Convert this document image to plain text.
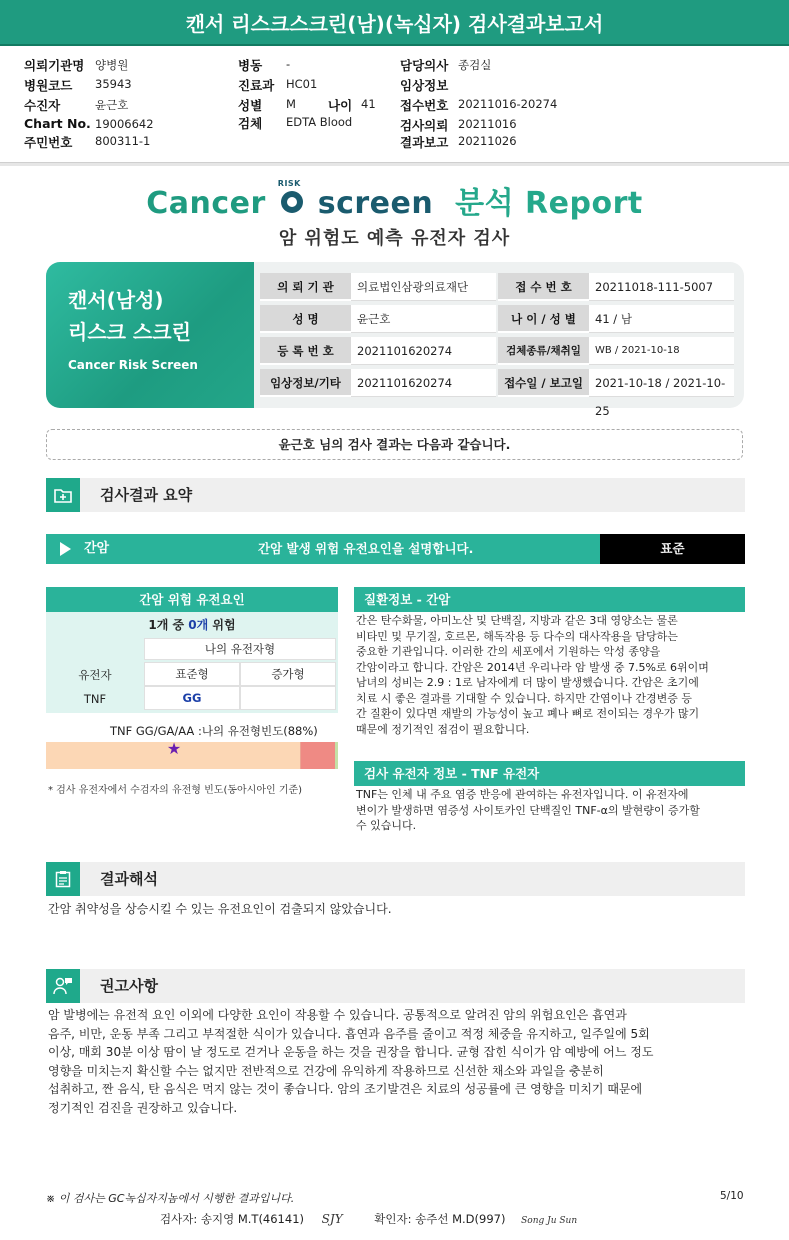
캔서 리스크스크린(남)(녹십자) 검사결과보고서
의뢰기관명 양병원
병원코드 35943
수진자	윤근호
Chart No. 19006642
주민번호 800311-1
병동 -
진료과 HC01
성별 M	나이 41
검체 EDTA Blood
담당의사 종검실
임상정보
접수번호 20211016-20274
검사의뢰 20211016
결과보고 20211026
Cancer
RISK
screen 분석 Report
암 위험도 예측 유전자 검사
캔서(남성)
리스크 스크린
Cancer Risk Screen
의 뢰 기 관	의료법인삼광의료재단	접 수 번 호	20211018-111-5007
성 명	윤근호	나 이 / 성 별	41 / 남
등 록 번 호	2021101620274	검체종류/채취일	WB / 2021-10-18
임상정보/기타	2021101620274	접수일 / 보고일	2021-10-18 / 2021-10-25
윤근호 님의 검사 결과는 다음과 같습니다.
검사결과 요약
간암	간암 발생 위험 유전요인을 설명합니다.	표준
간암 위험 유전요인
1개 중 0개 위험
나의 유전자형
유전자	표준형	증가형
TNF	GG
TNF GG/GA/AA :나의 유전형빈도(88%)
★
* 검사 유전자에서 수검자의 유전형 빈도(동아시아인 기준)
질환정보 - 간암
간은 탄수화물, 아미노산 및 단백질, 지방과 같은 3대 영양소는 물론
비타민 및 무기질, 호르몬, 해독작용 등 다수의 대사작용을 담당하는
중요한 기관입니다. 이러한 간의 세포에서 기원하는 악성 종양을
간암이라고 합니다. 간암은 2014년 우리나라 암 발생 중 7.5%로 6위이며
남녀의 성비는 2.9 : 1로 남자에게 더 많이 발생했습니다. 간암은 초기에
치료 시 좋은 결과를 기대할 수 있습니다. 하지만 간염이나 간경변증 등
간 질환이 있다면 재발의 가능성이 높고 폐나 뼈로 전이되는 경우가 많기
때문에 정기적인 점검이 필요합니다.
검사 유전자 정보 - TNF 유전자
TNF는 인체 내 주요 염증 반응에 관여하는 유전자입니다. 이 유전자에
변이가 발생하면 염증성 사이토카인 단백질인 TNF-α의 발현량이 증가할
수 있습니다.
결과해석
간암 취약성을 상승시킬 수 있는 유전요인이 검출되지 않았습니다.
권고사항
암 발병에는 유전적 요인 이외에 다양한 요인이 작용할 수 있습니다. 공통적으로 알려진 암의 위험요인은 흡연과
음주, 비만, 운동 부족 그리고 부적절한 식이가 있습니다. 흡연과 음주를 줄이고 적정 체중을 유지하고, 일주일에 5회
이상, 매회 30분 이상 땀이 날 정도로 걷거나 운동을 하는 것을 권장을 합니다. 균형 잡힌 식이가 암 예방에 어느 정도
영향을 미치는지 확신할 수는 없지만 전반적으로 건강에 유익하게 작용하므로 신선한 채소와 과일을 충분히
섭취하고, 짠 음식, 탄 음식은 먹지 않는 것이 좋습니다. 암의 조기발견은 치료의 성공률에 큰 영향을 미치기 때문에
정기적인 검진을 권장하고 있습니다.
※ 이 검사는 GC녹십자지놈에서 시행한 결과입니다.	5/10
검사자: 송지영 M.T(46141) SJY	확인자: 송주선 M.D(997) Song Ju Sun
